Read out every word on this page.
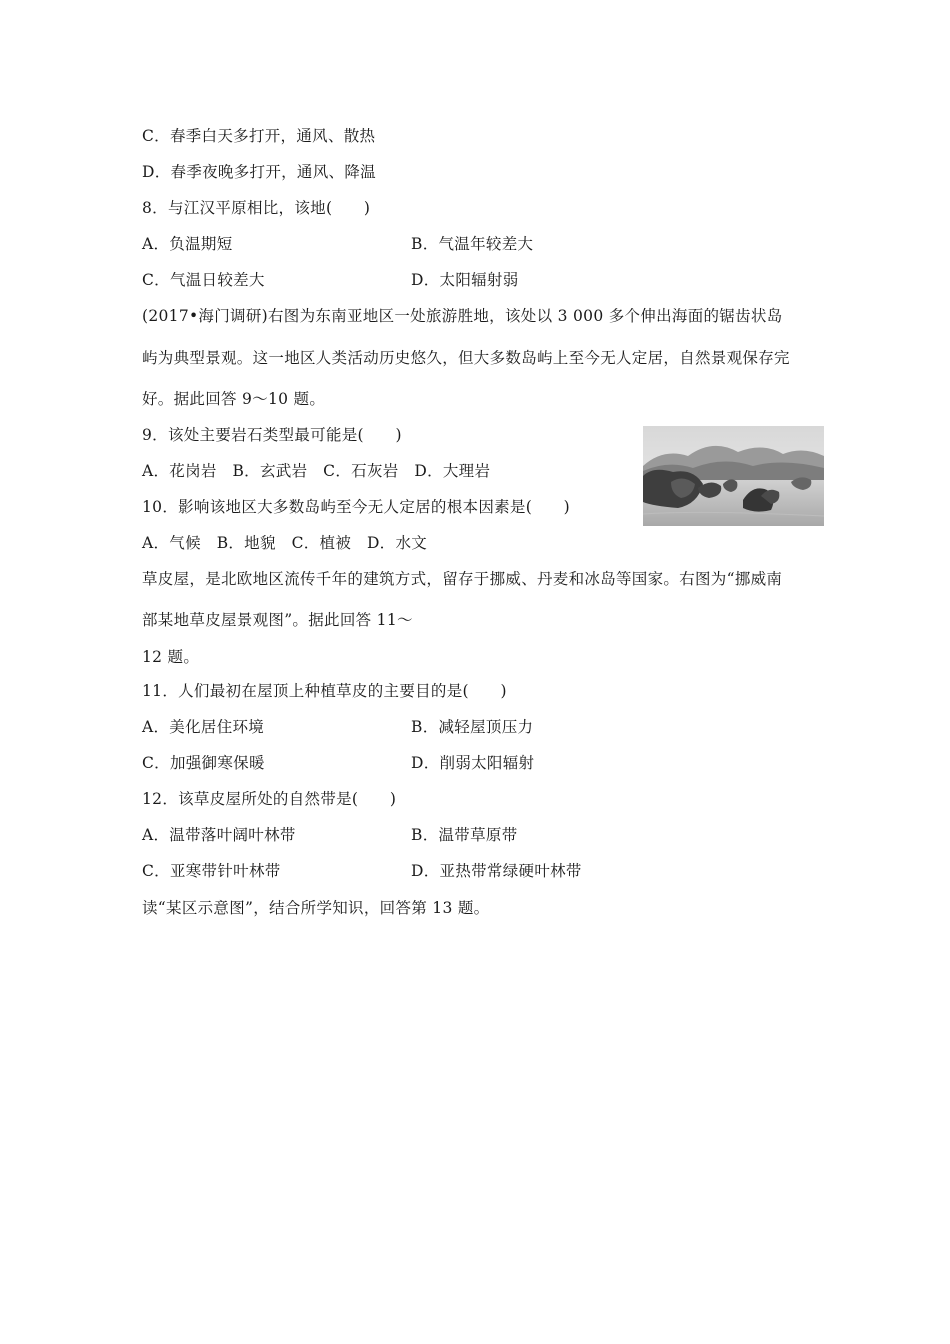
C．春季白天多打开，通风、散热
D．春季夜晚多打开，通风、降温
8．与江汉平原相比，该地(　　)
A．负温期短	B．气温年较差大
C．气温日较差大	D．太阳辐射弱
(2017•海门调研)右图为东南亚地区一处旅游胜地，该处以 3 000 多个伸出海面的锯齿状岛
屿为典型景观。这一地区人类活动历史悠久，但大多数岛屿上至今无人定居，自然景观保存完
好。据此回答 9～10 题。
9．该处主要岩石类型最可能是(　　)
A．花岗岩　B．玄武岩　C．石灰岩　D．大理岩
10．影响该地区大多数岛屿至今无人定居的根本因素是(　　)
A．气候　B．地貌　C．植被　D．水文
草皮屋，是北欧地区流传千年的建筑方式，留存于挪威、丹麦和冰岛等国家。右图为“挪威南
部某地草皮屋景观图”。据此回答 11～
12 题。
11．人们最初在屋顶上种植草皮的主要目的是(　　)
A．美化居住环境	B．减轻屋顶压力
C．加强御寒保暖	D．削弱太阳辐射
12．该草皮屋所处的自然带是(　　)
A．温带落叶阔叶林带	B．温带草原带
C．亚寒带针叶林带	D．亚热带常绿硬叶林带
读“某区示意图”，结合所学知识，回答第 13 题。
